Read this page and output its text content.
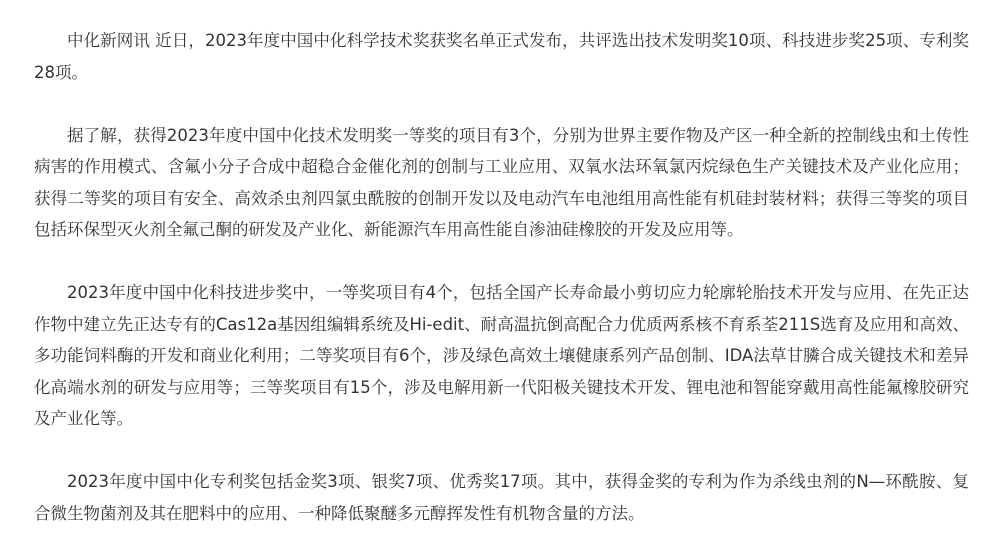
中化新网讯 近日，2023年度中国中化科学技术奖获奖名单正式发布，共评选出技术发明奖10项、科技进步奖25项、专利奖28项。

据了解，获得2023年度中国中化技术发明奖一等奖的项目有3个，分别为世界主要作物及产区一种全新的控制线虫和土传性病害的作用模式、含氟小分子合成中超稳合金催化剂的创制与工业应用、双氧水法环氧氯丙烷绿色生产关键技术及产业化应用；获得二等奖的项目有安全、高效杀虫剂四氯虫酰胺的创制开发以及电动汽车电池组用高性能有机硅封装材料；获得三等奖的项目包括环保型灭火剂全氟己酮的研发及产业化、新能源汽车用高性能自渗油硅橡胶的开发及应用等。

2023年度中国中化科技进步奖中，一等奖项目有4个，包括全国产长寿命最小剪切应力轮廓轮胎技术开发与应用、在先正达作物中建立先正达专有的Cas12a基因组编辑系统及Hi-edit、耐高温抗倒高配合力优质两系核不育系荃211S选育及应用和高效、多功能饲料酶的开发和商业化利用；二等奖项目有6个，涉及绿色高效土壤健康系列产品创制、IDA法草甘膦合成关键技术和差异化高端水剂的研发与应用等；三等奖项目有15个，涉及电解用新一代阳极关键技术开发、锂电池和智能穿戴用高性能氟橡胶研究及产业化等。

2023年度中国中化专利奖包括金奖3项、银奖7项、优秀奖17项。其中，获得金奖的专利为作为杀线虫剂的N—环酰胺、复合微生物菌剂及其在肥料中的应用、一种降低聚醚多元醇挥发性有机物含量的方法。
